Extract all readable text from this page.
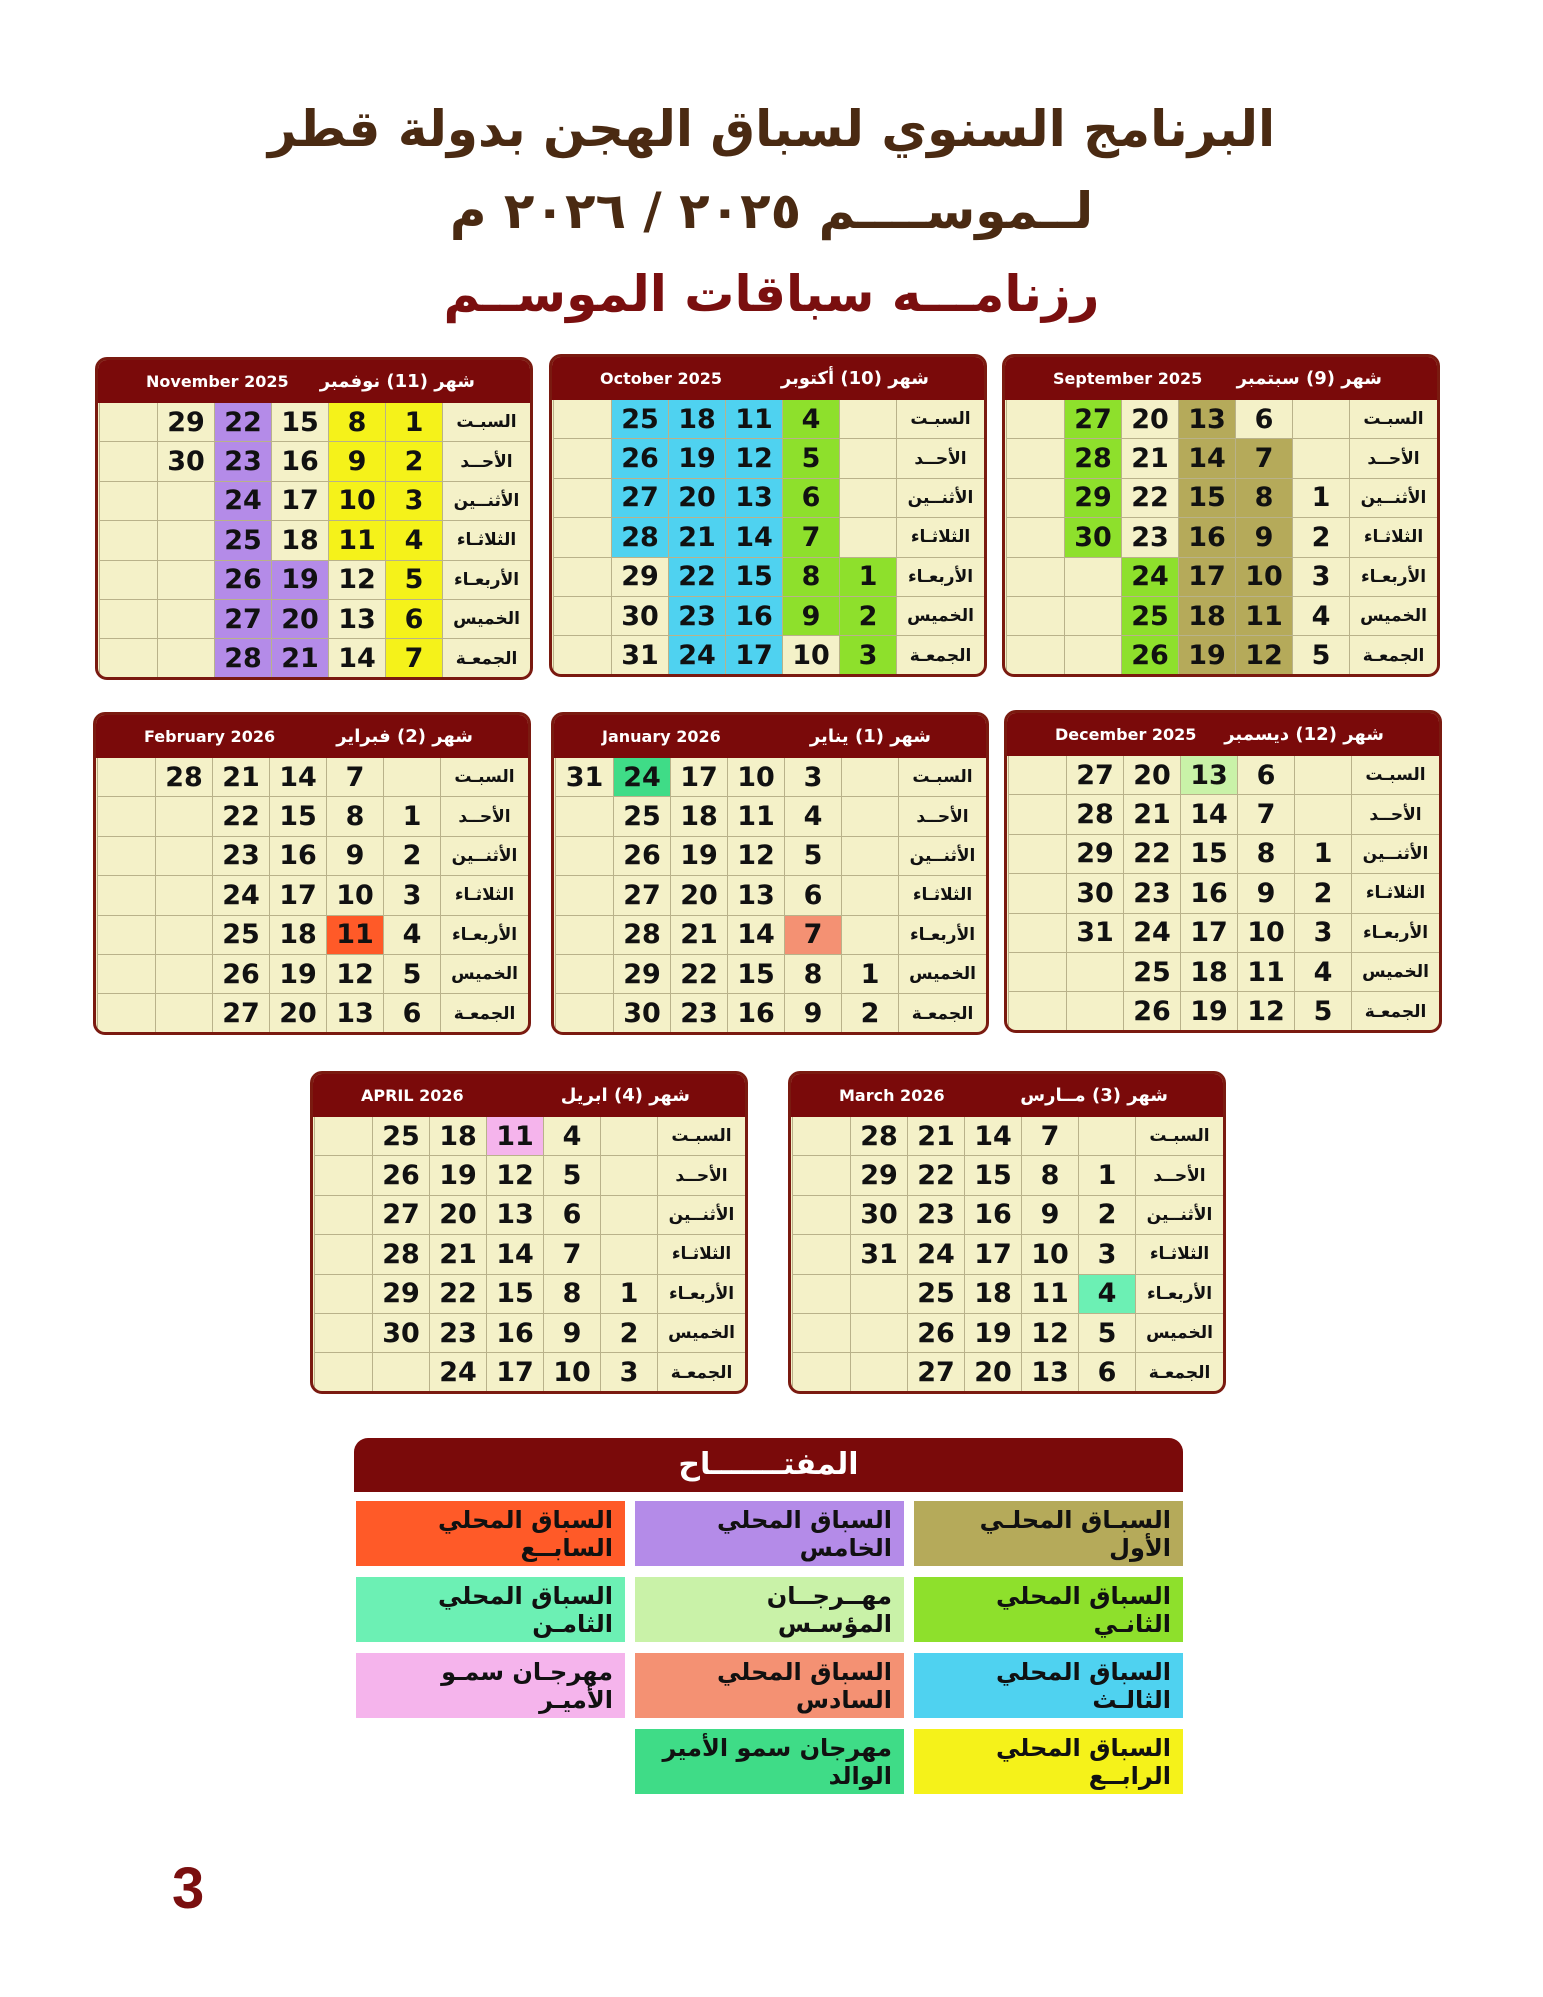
البرنامج السنوي لسباق الهجن بدولة قطر
لــموســــم ٢٠٢٥ / ٢٠٢٦ م
رزنامـــه سباقات الموســم
شهر (9) سبتمبر
September 2025
السبـت
6
13
20
27
الأحــد
7
14
21
28
الأثنــين
1
8
15
22
29
الثلاثـاء
2
9
16
23
30
الأربعـاء
3
10
17
24
الخميس
4
11
18
25
الجمعـة
5
12
19
26
شهر (10) أكتوبر
October 2025
السبـت
4
11
18
25
الأحــد
5
12
19
26
الأثنــين
6
13
20
27
الثلاثـاء
7
14
21
28
الأربعـاء
1
8
15
22
29
الخميس
2
9
16
23
30
الجمعـة
3
10
17
24
31
شهر (11) نوفمبر
November 2025
السبـت
1
8
15
22
29
الأحــد
2
9
16
23
30
الأثنــين
3
10
17
24
الثلاثـاء
4
11
18
25
الأربعـاء
5
12
19
26
الخميس
6
13
20
27
الجمعـة
7
14
21
28
شهر (12) ديسمبر
December 2025
السبـت
6
13
20
27
الأحــد
7
14
21
28
الأثنــين
1
8
15
22
29
الثلاثـاء
2
9
16
23
30
الأربعـاء
3
10
17
24
31
الخميس
4
11
18
25
الجمعـة
5
12
19
26
شهر (1) يناير
January 2026
السبـت
3
10
17
24
31
الأحــد
4
11
18
25
الأثنــين
5
12
19
26
الثلاثـاء
6
13
20
27
الأربعـاء
7
14
21
28
الخميس
1
8
15
22
29
الجمعـة
2
9
16
23
30
شهر (2) فبراير
February 2026
السبـت
7
14
21
28
الأحــد
1
8
15
22
الأثنــين
2
9
16
23
الثلاثـاء
3
10
17
24
الأربعـاء
4
11
18
25
الخميس
5
12
19
26
الجمعـة
6
13
20
27
شهر (3) مــارس
March 2026
السبـت
7
14
21
28
الأحــد
1
8
15
22
29
الأثنــين
2
9
16
23
30
الثلاثـاء
3
10
17
24
31
الأربعـاء
4
11
18
25
الخميس
5
12
19
26
الجمعـة
6
13
20
27
شهر (4) ابريل
APRIL 2026
السبـت
4
11
18
25
الأحــد
5
12
19
26
الأثنــين
6
13
20
27
الثلاثـاء
7
14
21
28
الأربعـاء
1
8
15
22
29
الخميس
2
9
16
23
30
الجمعـة
3
10
17
24
المفتـــــــاح
السبـاق المحلـي الأول
السباق المحلي الخامس
السباق المحلي السابــع
السباق المحلي الثانـي
مهــرجــان المؤسـس
السباق المحلي الثامـن
السباق المحلي الثالـث
السباق المحلي السادس
مهرجـان سمـو الأميـر
السباق المحلي الرابــع
مهرجان سمو الأمير الوالد
3
